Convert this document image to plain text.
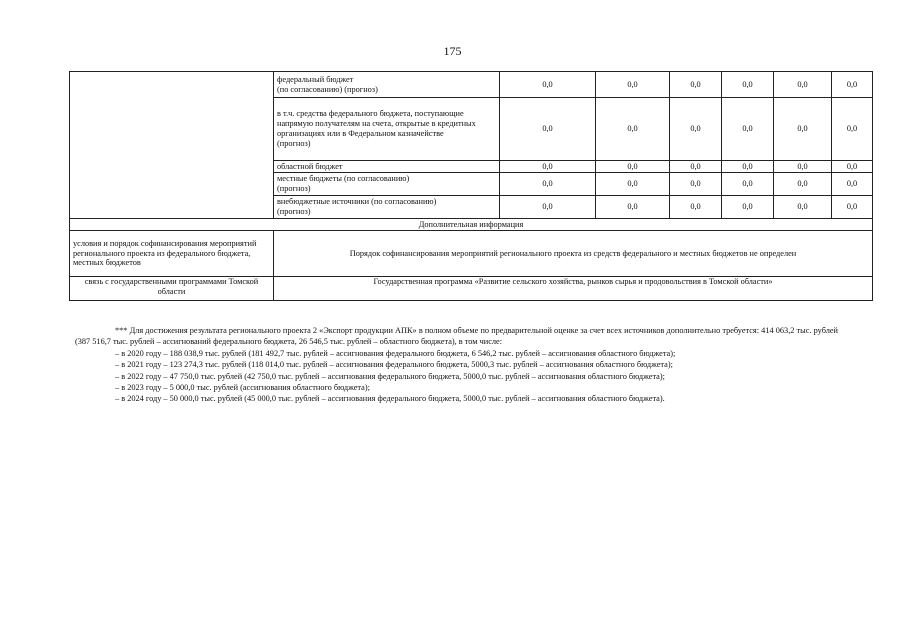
175
	федеральный бюджет
(по согласованию) (прогноз)	0,0	0,0	0,0	0,0	0,0	0,0
	в т.ч. средства федерального бюджета, поступающие напрямую получателям на счета, открытые в кредитных организациях или в Федеральном казначействе
(прогноз)	0,0	0,0	0,0	0,0	0,0	0,0
	областной бюджет	0,0	0,0	0,0	0,0	0,0	0,0
	местные бюджеты (по согласованию)
(прогноз)	0,0	0,0	0,0	0,0	0,0	0,0
	внебюджетные источники (по согласованию)
(прогноз)	0,0	0,0	0,0	0,0	0,0	0,0
Дополнительная информация							
условия и порядок софинансирования мероприятий регионального проекта из федерального бюджета, местных бюджетов	Порядок софинансирования мероприятий регионального проекта из средств федерального и местных бюджетов не определен						
связь с государственными программами Томской области	Государственная программа «Развитие сельского хозяйства, рынков сырья и продовольствия в Томской области»						

*** Для достижения результата регионального проекта 2 «Экспорт продукции АПК» в полном объеме по предварительной оценке за счет всех источников дополнительно требуется: 414 063,2 тыс. рублей (387 516,7 тыс. рублей – ассигнований федерального бюджета, 26 546,5 тыс. рублей – областного бюджета), в том числе:

– в 2020 году – 188 038,9 тыс. рублей (181 492,7 тыс. рублей – ассигнования федерального бюджета, 6 546,2 тыс. рублей – ассигнования областного бюджета);

– в 2021 году – 123 274,3 тыс. рублей (118 014,0 тыс. рублей – ассигнования федерального бюджета, 5000,3 тыс. рублей – ассигнования областного бюджета);

– в 2022 году – 47 750,0 тыс. рублей (42 750,0 тыс. рублей – ассигнования федерального бюджета, 5000,0 тыс. рублей – ассигнования областного бюджета);

– в 2023 году – 5 000,0 тыс. рублей (ассигнования областного бюджета);

– в 2024 году – 50 000,0 тыс. рублей (45 000,0 тыс. рублей – ассигнования федерального бюджета, 5000,0 тыс. рублей – ассигнования областного бюджета).
